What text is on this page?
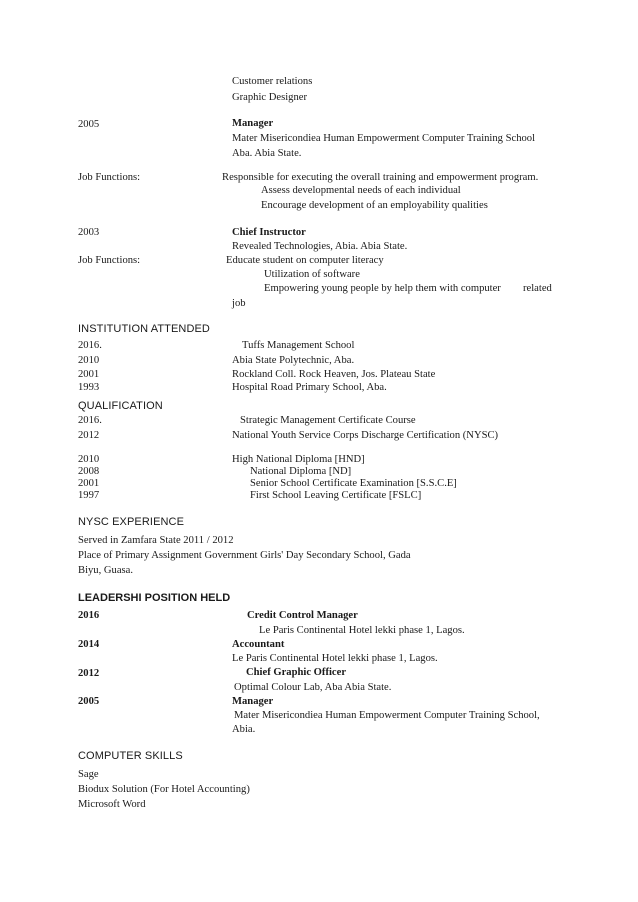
Customer relations
Graphic Designer
2005	Manager
Mater Misericondiea Human Empowerment Computer Training School
Aba. Abia State.
Job Functions:	Responsible for executing the overall training and empowerment program.
Assess developmental needs of each individual
Encourage development of an employability qualities
2003	Chief Instructor
Revealed Technologies, Abia. Abia State.
Job Functions:	Educate student on computer literacy
Utilization of software
Empowering young people by help them with computer related
job
INSTITUTION ATTENDED
2016.	Tuffs Management School
2010	Abia State Polytechnic, Aba.
2001	Rockland Coll. Rock Heaven, Jos. Plateau State
1993	Hospital Road Primary School, Aba.
QUALIFICATION
2016.	Strategic Management Certificate Course
2012	National Youth Service Corps Discharge Certification (NYSC)
2010	High National Diploma [HND]
2008	National Diploma [ND]
2001	Senior School Certificate Examination [S.S.C.E]
1997	First School Leaving Certificate [FSLC]
NYSC EXPERIENCE
Served in Zamfara State 2011 / 2012
Place of Primary Assignment Government Girls' Day Secondary School, Gada
Biyu, Guasa.
LEADERSHI POSITION HELD
2016	Credit Control Manager
Le Paris Continental Hotel lekki phase 1, Lagos.
2014	Accountant
Le Paris Continental Hotel lekki phase 1, Lagos.
2012	Chief Graphic Officer
Optimal Colour Lab, Aba Abia State.
2005	Manager
Mater Misericondiea Human Empowerment Computer Training School,
Abia.
COMPUTER SKILLS
Sage
Biodux Solution (For Hotel Accounting)
Microsoft Word
